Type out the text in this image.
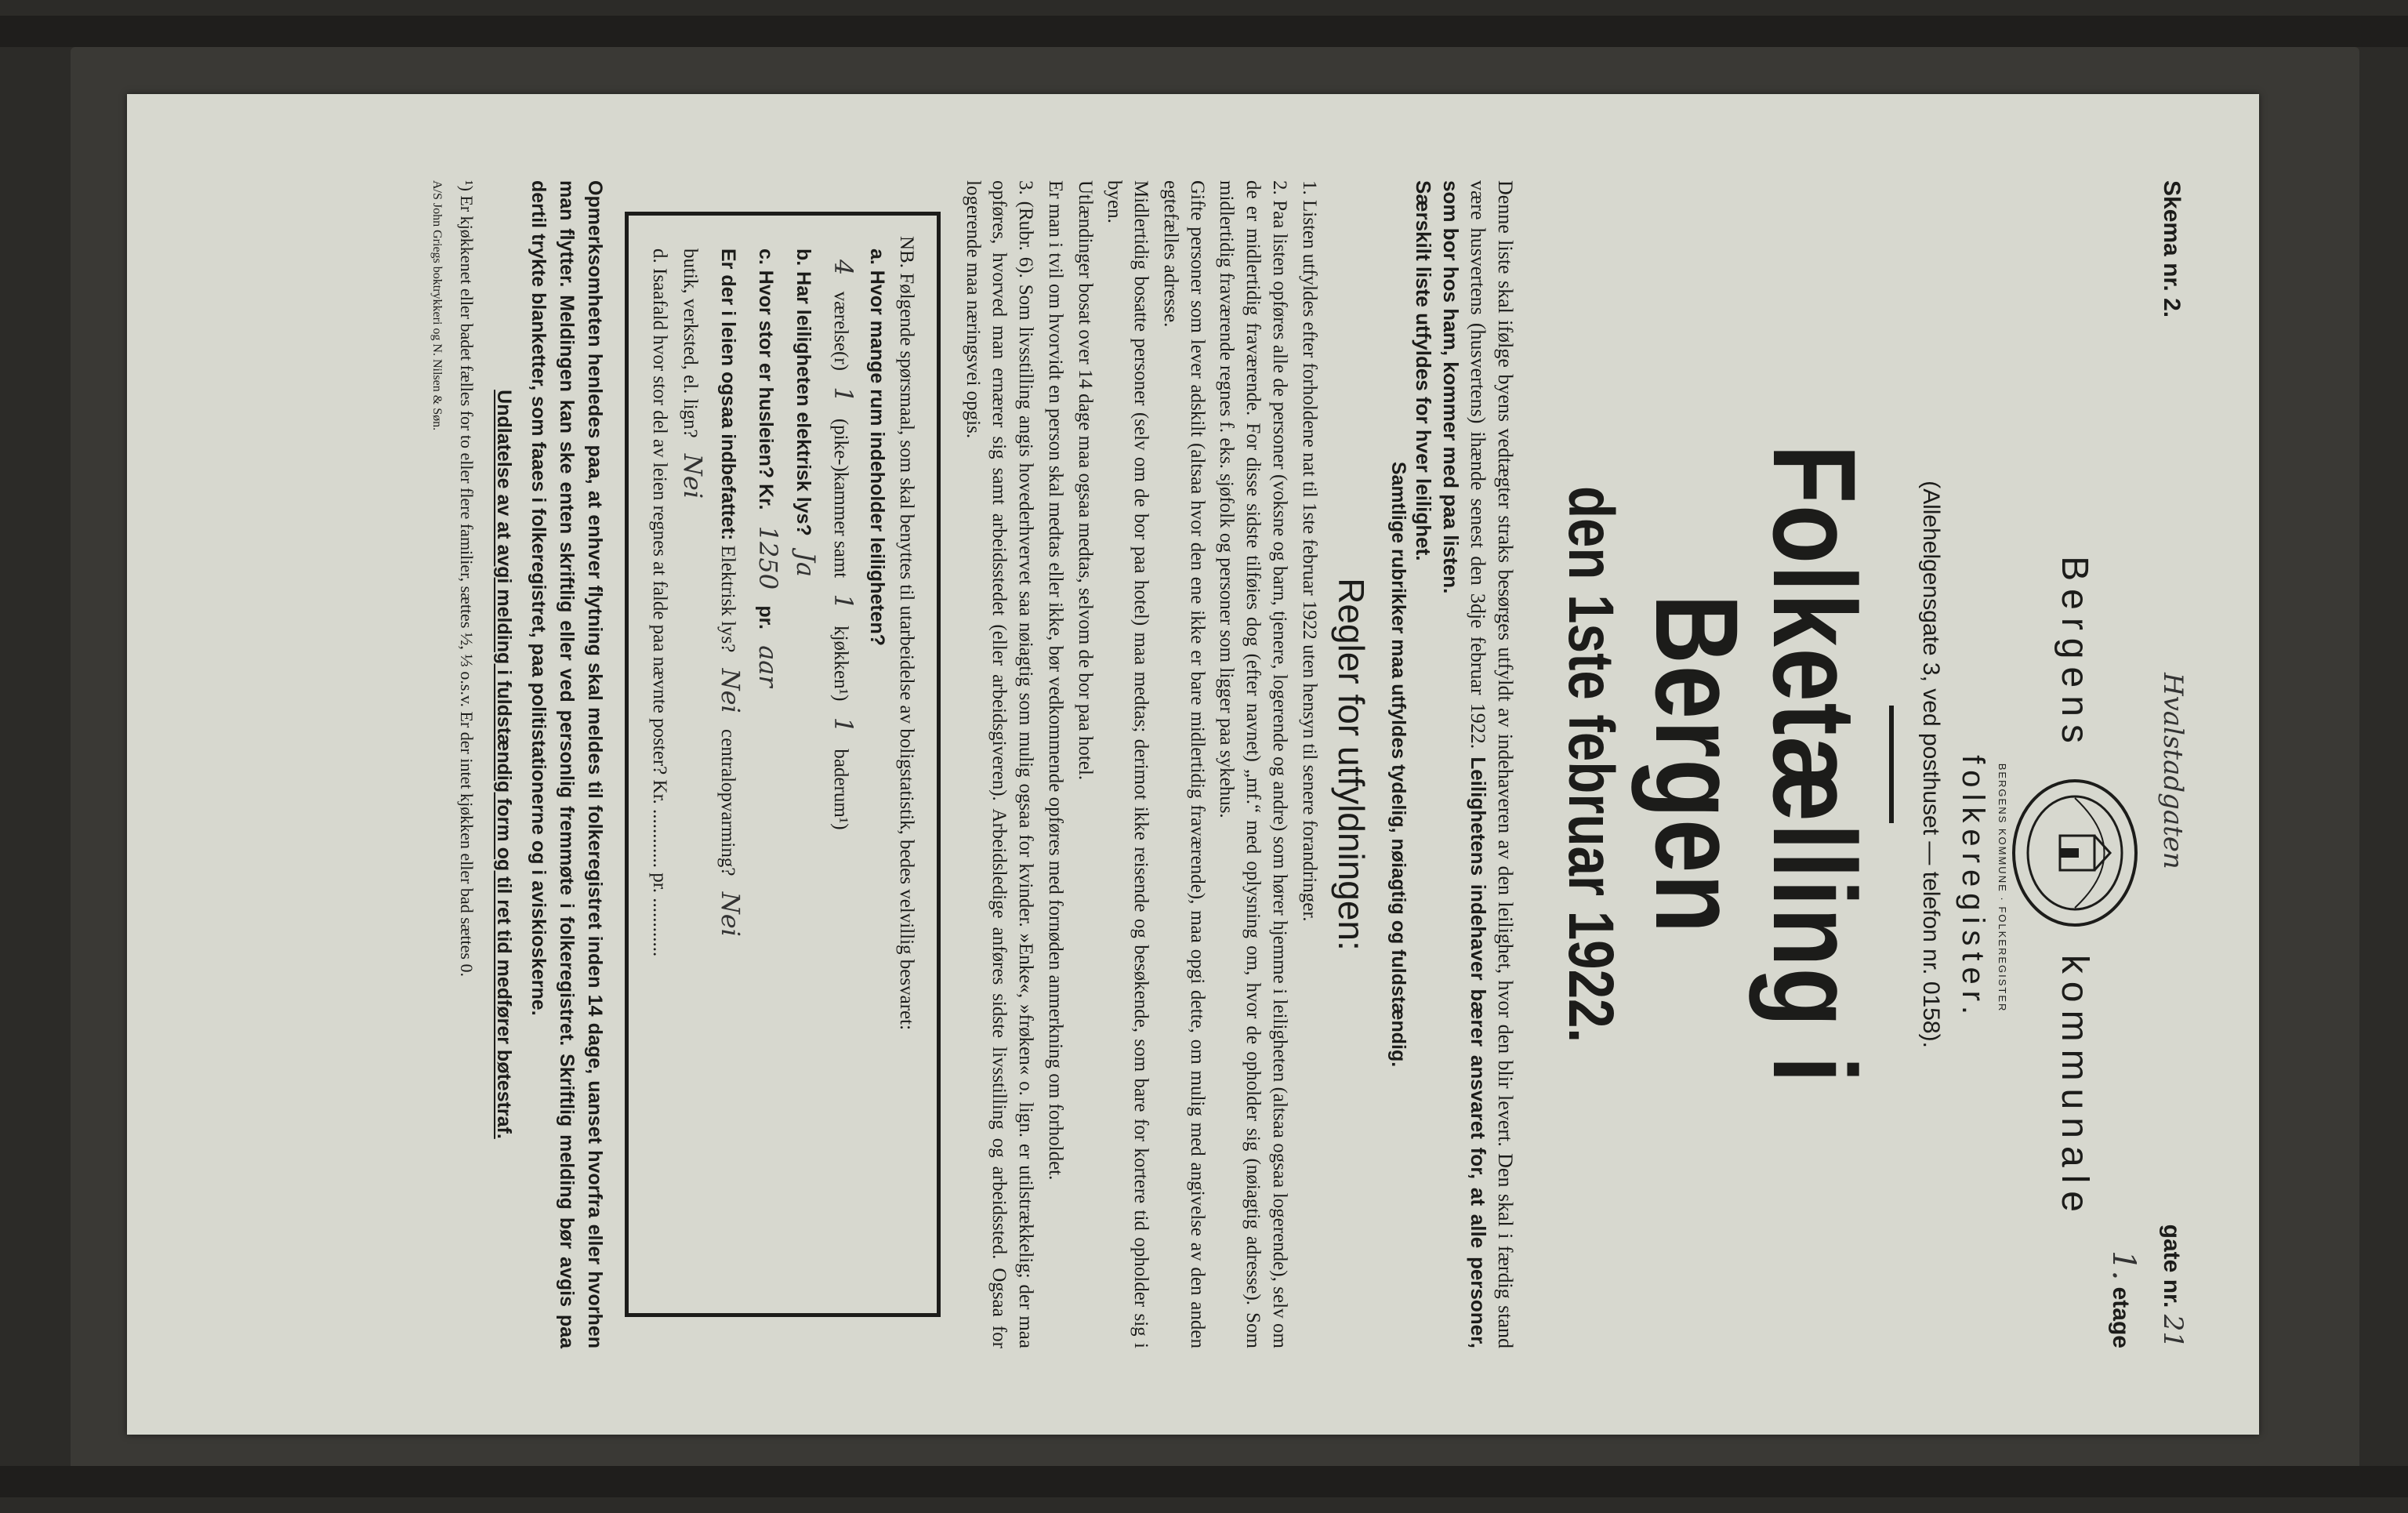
Skema nr. 2.
Hvalstadgaten
gate nr. 21
Bergens
kommunale
BERGENS KOMMUNE · FOLKEREGISTER
folkeregister.
1. etage
(Allehelgensgate 3, ved posthuset — telefon nr. 0158).
Folketælling i Bergen
den 1ste februar 1922.
Denne liste skal ifølge byens vedtægter straks besørges utfyldt av indehaveren av den leilighet, hvor den blir levert. Den skal i færdig stand være husvertens (husvertens) ihænde senest den 3dje februar 1922. Leilighetens indehaver bærer ansvaret for, at alle personer, som bor hos ham, kommer med paa listen.
Særskilt liste utfyldes for hver leilighet.
Samtlige rubrikker maa utfyldes tydelig, nøiagtig og fuldstændig.
Regler for utfyldningen:
1. Listen utfyldes efter forholdene nat til 1ste februar 1922 uten hensyn til senere forandringer.
2. Paa listen opføres alle de personer (voksne og barn, tjenere, logerende og andre) som hører hjemme i leiligheten (altsaa ogsaa logerende), selv om de er midlertidig fraværende. For disse sidste tilføies dog (efter navnet) „mf.“ med oplysning om, hvor de opholder sig (nøiagtig adresse). Som midlertidig fraværende regnes f. eks. sjøfolk og personer som ligger paa sykehus.
Gifte personer som lever adskilt (altsaa hvor den ene ikke er bare midlertidig fraværende), maa opgi dette, om mulig med angivelse av den anden egtefælles adresse.
Midlertidig bosatte personer (selv om de bor paa hotel) maa medtas; derimot ikke reisende og besøkende, som bare for kortere tid opholder sig i byen.
Utlændinger bosat over 14 dage maa ogsaa medtas, selvom de bor paa hotel.
Er man i tvil om hvorvidt en person skal medtas eller ikke, bør vedkommende opføres med fornøden anmerkning om forholdet.
3. (Rubr. 6). Som livsstilling angis hovederhvervet saa nøiagtig som mulig ogsaa for kvinder. »Enke«, »frøken« o. lign. er utilstrækkelig; der maa opføres, hvorved man ernærer sig samt arbeidsstedet (eller arbeidsgiveren). Arbeidsledige anføres sidste livsstilling og arbeidssted. Ogsaa for logerende maa næringsvei opgis.
NB. Følgende spørsmaal, som skal benyttes til utarbeidelse av boligstatistik, bedes velvillig besvaret:
a. Hvor mange rum indeholder leiligheten?
4 værelse(r) 1 (pike-)kammer samt 1 kjøkken¹) 1 baderum¹)
b. Har leiligheten elektrisk lys? Ja
c. Hvor stor er husleien? Kr. 1250 pr. aar
Er der i leien ogsaa indbefattet: Elektrisk lys? Nei centralopvarming? Nei
butik, verksted, el. lign? Nei
d. Isaafald hvor stor del av leien regnes at falde paa nævnte poster? Kr. ............ pr. ............
Opmerksomheten henledes paa, at enhver flytning skal meldes til folkeregistret inden 14 dage, uanset hvorfra eller hvorhen man flytter. Meldingen kan ske enten skriftlig eller ved personlig fremmøte i folkeregistret. Skriftlig melding bør avgis paa dertil trykte blanketter, som faaes i folkeregistret, paa politistationerne og i aviskioskerne.
Undlatelse av at avgi melding i fuldstændig form og til ret tid medfører bøtestraf.
¹) Er kjøkkenet eller badet fælles for to eller flere familier, sættes ½, ⅓ o.s.v. Er der intet kjøkken eller bad sættes 0.
A/S John Griegs boktrykkeri og N. Nilsen & Søn.
